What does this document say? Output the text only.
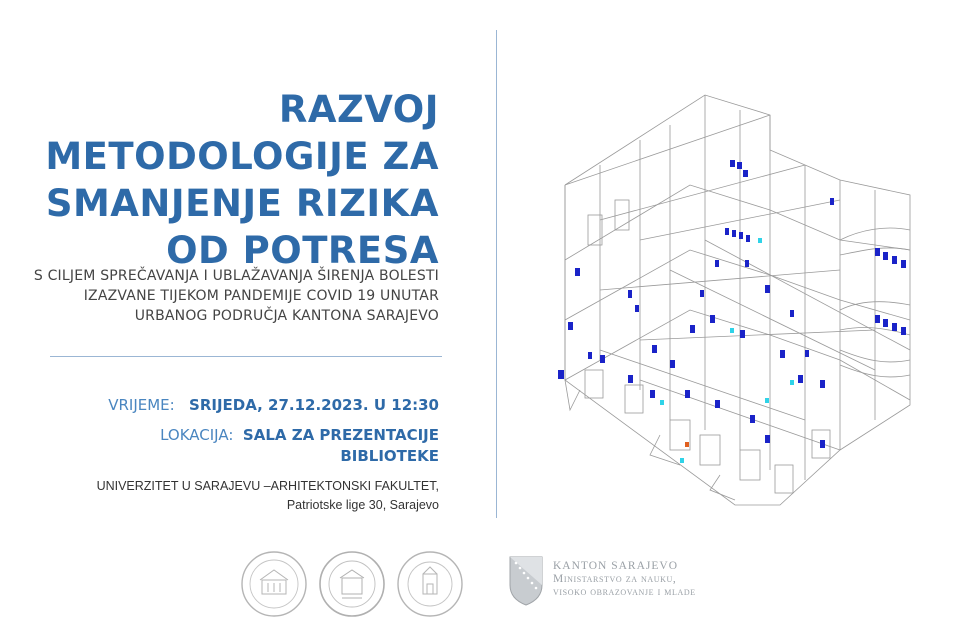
RAZVOJ
METODOLOGIJE ZA
SMANJENJE RIZIKA
OD POTRESA
S CILJEM SPREČAVANJA I UBLAŽAVANJA ŠIRENJA BOLESTI
IZAZVANE TIJEKOM PANDEMIJE COVID 19 UNUTAR
URBANOG PODRUČJA KANTONA SARAJEVO
VRIJEME: SRIJEDA, 27.12.2023. U 12:30
LOKACIJA: SALA ZA PREZENTACIJE
BIBLIOTEKE
UNIVERZITET U SARAJEVU –ARHITEKTONSKI FAKULTET,
Patriotske lige 30, Sarajevo
KANTON SARAJEVO
Ministarstvo za nauku,
visoko obrazovanje i mlade
